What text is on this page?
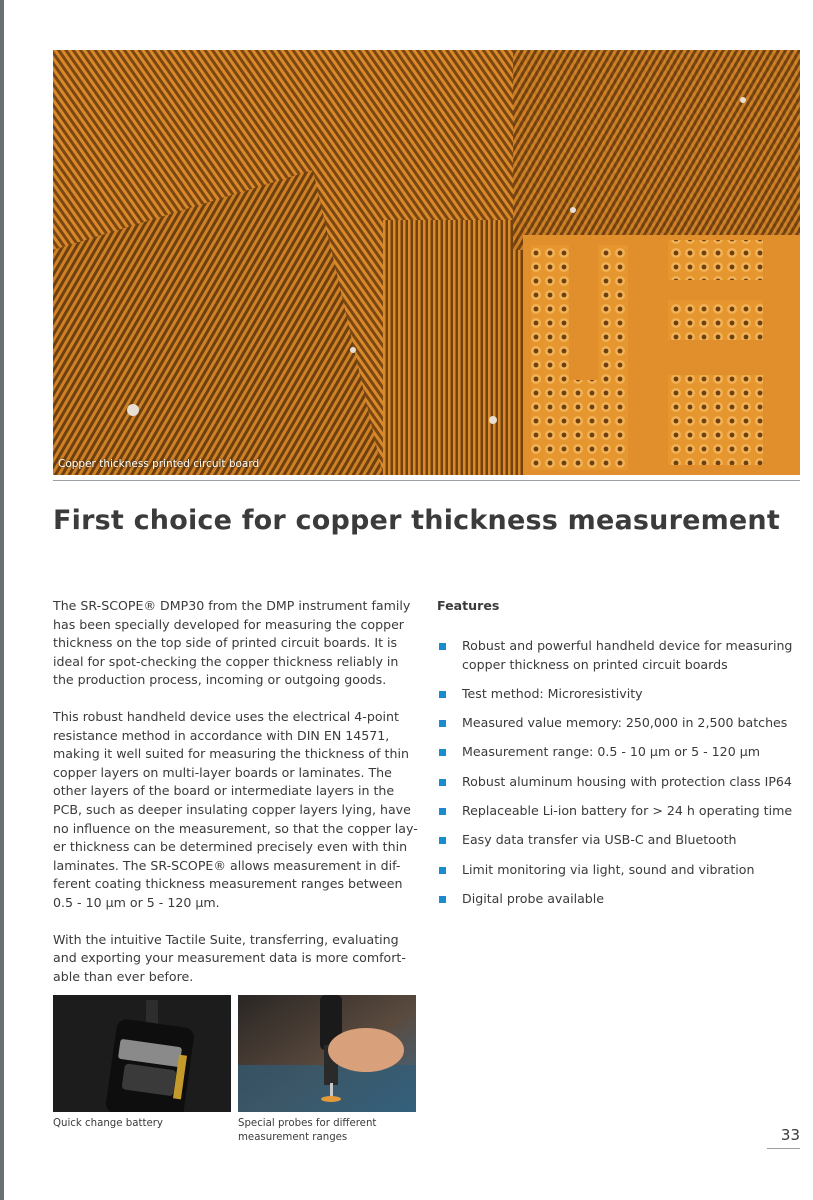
Copper thickness printed circuit board
First choice for copper thickness measurement

The SR-SCOPE® DMP30 from the DMP instrument family
has been specially developed for measuring the copper
thickness on the top side of printed circuit boards. It is
ideal for spot-checking the copper thickness reliably in
the production process, incoming or outgoing goods.

This robust handheld device uses the electrical 4-point
resistance method in accordance with DIN EN 14571,
making it well suited for measuring the thickness of thin
copper layers on multi-layer boards or laminates. The
other layers of the board or intermediate layers in the
PCB, such as deeper insulating copper layers lying, have
no influence on the measurement, so that the copper lay-
er thickness can be determined precisely even with thin
laminates. The SR-SCOPE® allows measurement in dif-
ferent coating thickness measurement ranges between
0.5 - 10 µm or 5 - 120 µm.

With the intuitive Tactile Suite, transferring, evaluating
and exporting your measurement data is more comfort-
able than ever before.

Features
Robust and powerful handheld device for measuring
copper thickness on printed circuit boards
Test method: Microresistivity
Measured value memory: 250,000 in 2,500 batches
Measurement range: 0.5 - 10 µm or 5 - 120 µm
Robust aluminum housing with protection class IP64
Replaceable Li-ion battery for > 24 h operating time
Easy data transfer via USB-C and Bluetooth
Limit monitoring via light, sound and vibration
Digital probe available
Quick change battery	Special probes for different
measurement ranges	33
